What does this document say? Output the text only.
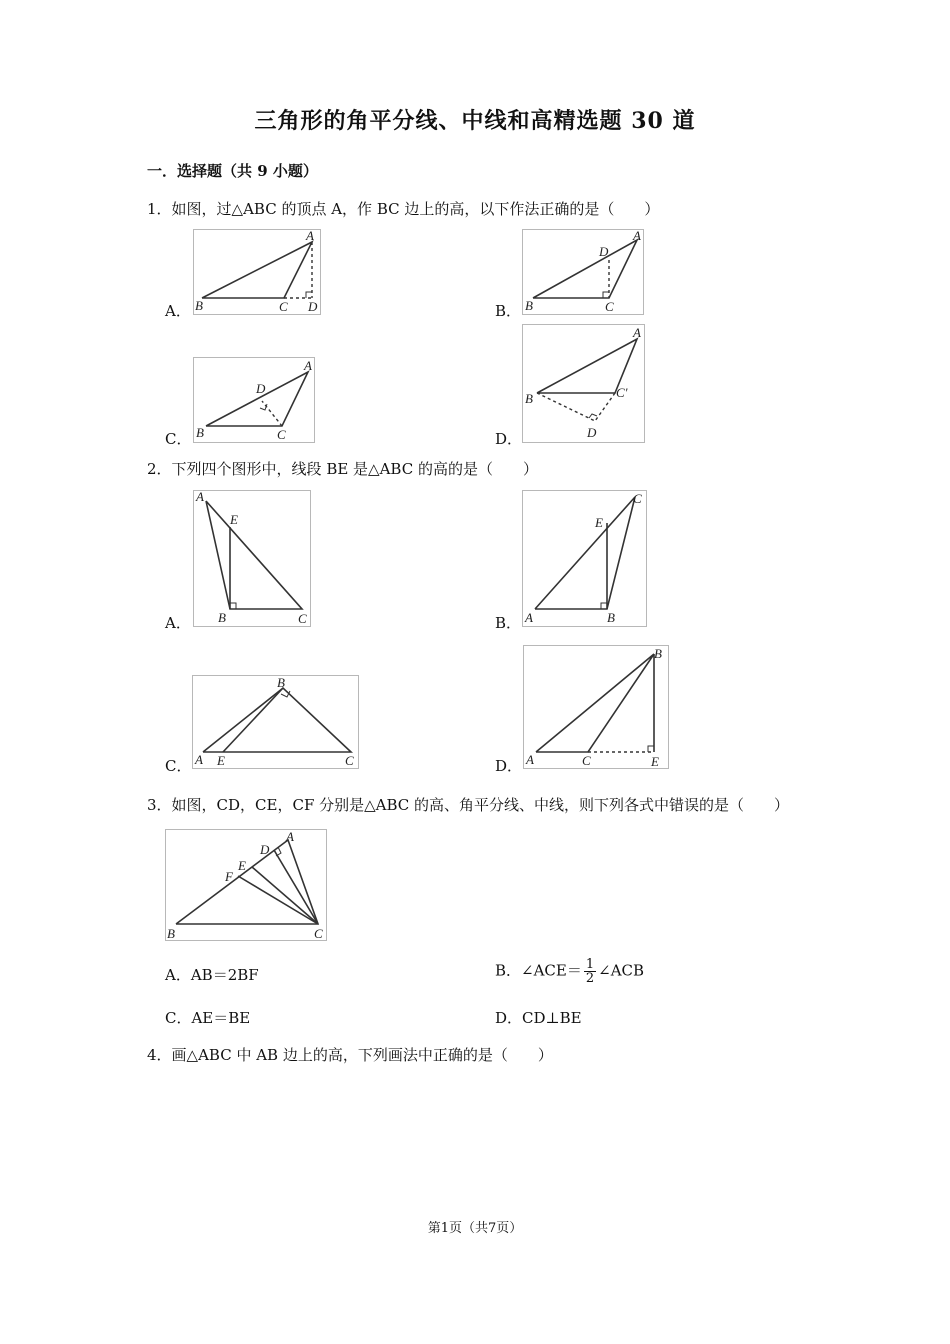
三角形的角平分线、中线和高精选题 30 道
一．选择题（共 9 小题）
1．如图，过△ABC 的顶点 A，作 BC 边上的高，以下作法正确的是（　　）
A． B	C D
A
B． B	C
D
A
C． B	C
D
A
D．
B	C'
D
A
2．下列四个图形中，线段 BE 是△ABC 的高的是（　　）
A．
A
E
B	C	B． A	B
E
C
C． A E
B
C	D． A	C
B
E
3．如图，CD，CE，CF 分别是△ABC 的高、角平分线、中线，则下列各式中错误的是（　　）
B	C
A
D
E
F
A．AB＝2BF	B．∠ACE＝ $\frac{1}{2}$ ∠ACB
C．AE＝BE	D．CD⊥BE
4．画△ABC 中 AB 边上的高，下列画法中正确的是（　　）
第1页（共7页）
